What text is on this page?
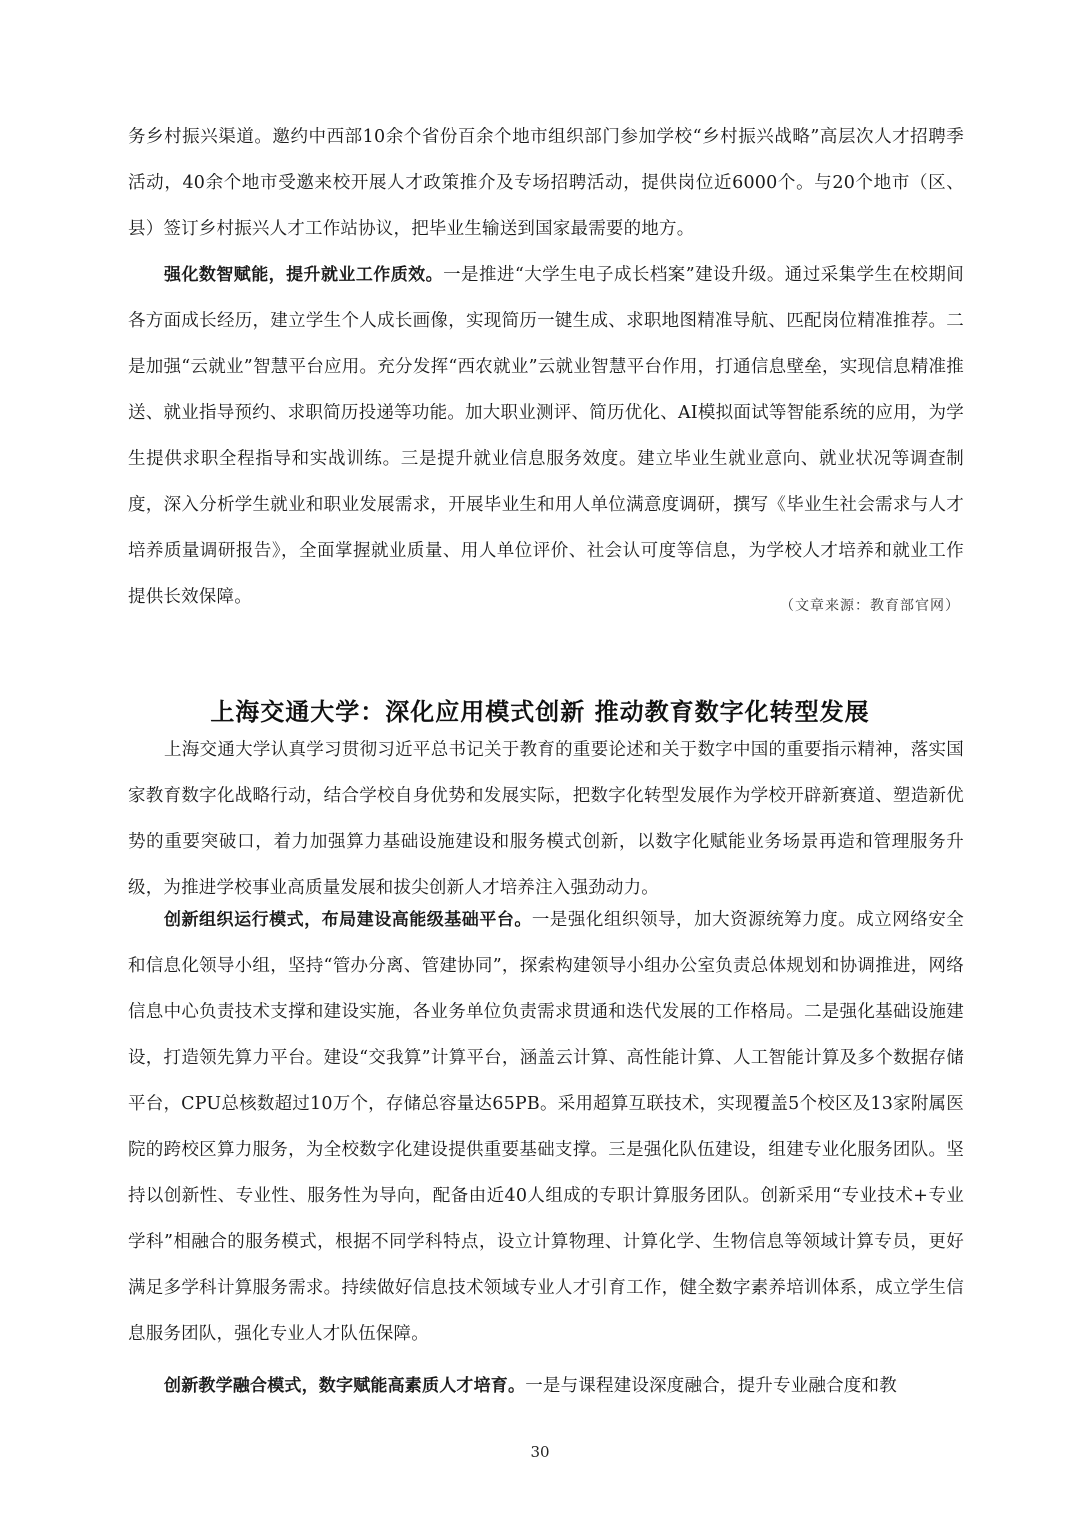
务乡村振兴渠道。邀约中西部10余个省份百余个地市组织部门参加学校“乡村振兴战略”高层次人才招聘季活动，40余个地市受邀来校开展人才政策推介及专场招聘活动，提供岗位近6000个。与20个地市（区、县）签订乡村振兴人才工作站协议，把毕业生输送到国家最需要的地方。

强化数智赋能，提升就业工作质效。一是推进“大学生电子成长档案”建设升级。通过采集学生在校期间各方面成长经历，建立学生个人成长画像，实现简历一键生成、求职地图精准导航、匹配岗位精准推荐。二是加强“云就业”智慧平台应用。充分发挥“西农就业”云就业智慧平台作用，打通信息壁垒，实现信息精准推送、就业指导预约、求职简历投递等功能。加大职业测评、简历优化、AI模拟面试等智能系统的应用，为学生提供求职全程指导和实战训练。三是提升就业信息服务效度。建立毕业生就业意向、就业状况等调查制度，深入分析学生就业和职业发展需求，开展毕业生和用人单位满意度调研，撰写《毕业生社会需求与人才培养质量调研报告》，全面掌握就业质量、用人单位评价、社会认可度等信息，为学校人才培养和就业工作提供长效保障。	（文章来源：教育部官网）
上海交通大学：深化应用模式创新 推动教育数字化转型发展

上海交通大学认真学习贯彻习近平总书记关于教育的重要论述和关于数字中国的重要指示精神，落实国家教育数字化战略行动，结合学校自身优势和发展实际，把数字化转型发展作为学校开辟新赛道、塑造新优势的重要突破口，着力加强算力基础设施建设和服务模式创新，以数字化赋能业务场景再造和管理服务升级，为推进学校事业高质量发展和拔尖创新人才培养注入强劲动力。

创新组织运行模式，布局建设高能级基础平台。一是强化组织领导，加大资源统筹力度。成立网络安全和信息化领导小组，坚持“管办分离、管建协同”，探索构建领导小组办公室负责总体规划和协调推进，网络信息中心负责技术支撑和建设实施，各业务单位负责需求贯通和迭代发展的工作格局。二是强化基础设施建设，打造领先算力平台。建设“交我算”计算平台，涵盖云计算、高性能计算、人工智能计算及多个数据存储平台，CPU总核数超过10万个，存储总容量达65PB。采用超算互联技术，实现覆盖5个校区及13家附属医院的跨校区算力服务，为全校数字化建设提供重要基础支撑。三是强化队伍建设，组建专业化服务团队。坚持以创新性、专业性、服务性为导向，配备由近40人组成的专职计算服务团队。创新采用“专业技术+专业学科”相融合的服务模式，根据不同学科特点，设立计算物理、计算化学、生物信息等领域计算专员，更好满足多学科计算服务需求。持续做好信息技术领域专业人才引育工作，健全数字素养培训体系，成立学生信息服务团队，强化专业人才队伍保障。

创新教学融合模式，数字赋能高素质人才培育。一是与课程建设深度融合，提升专业融合度和教

30
